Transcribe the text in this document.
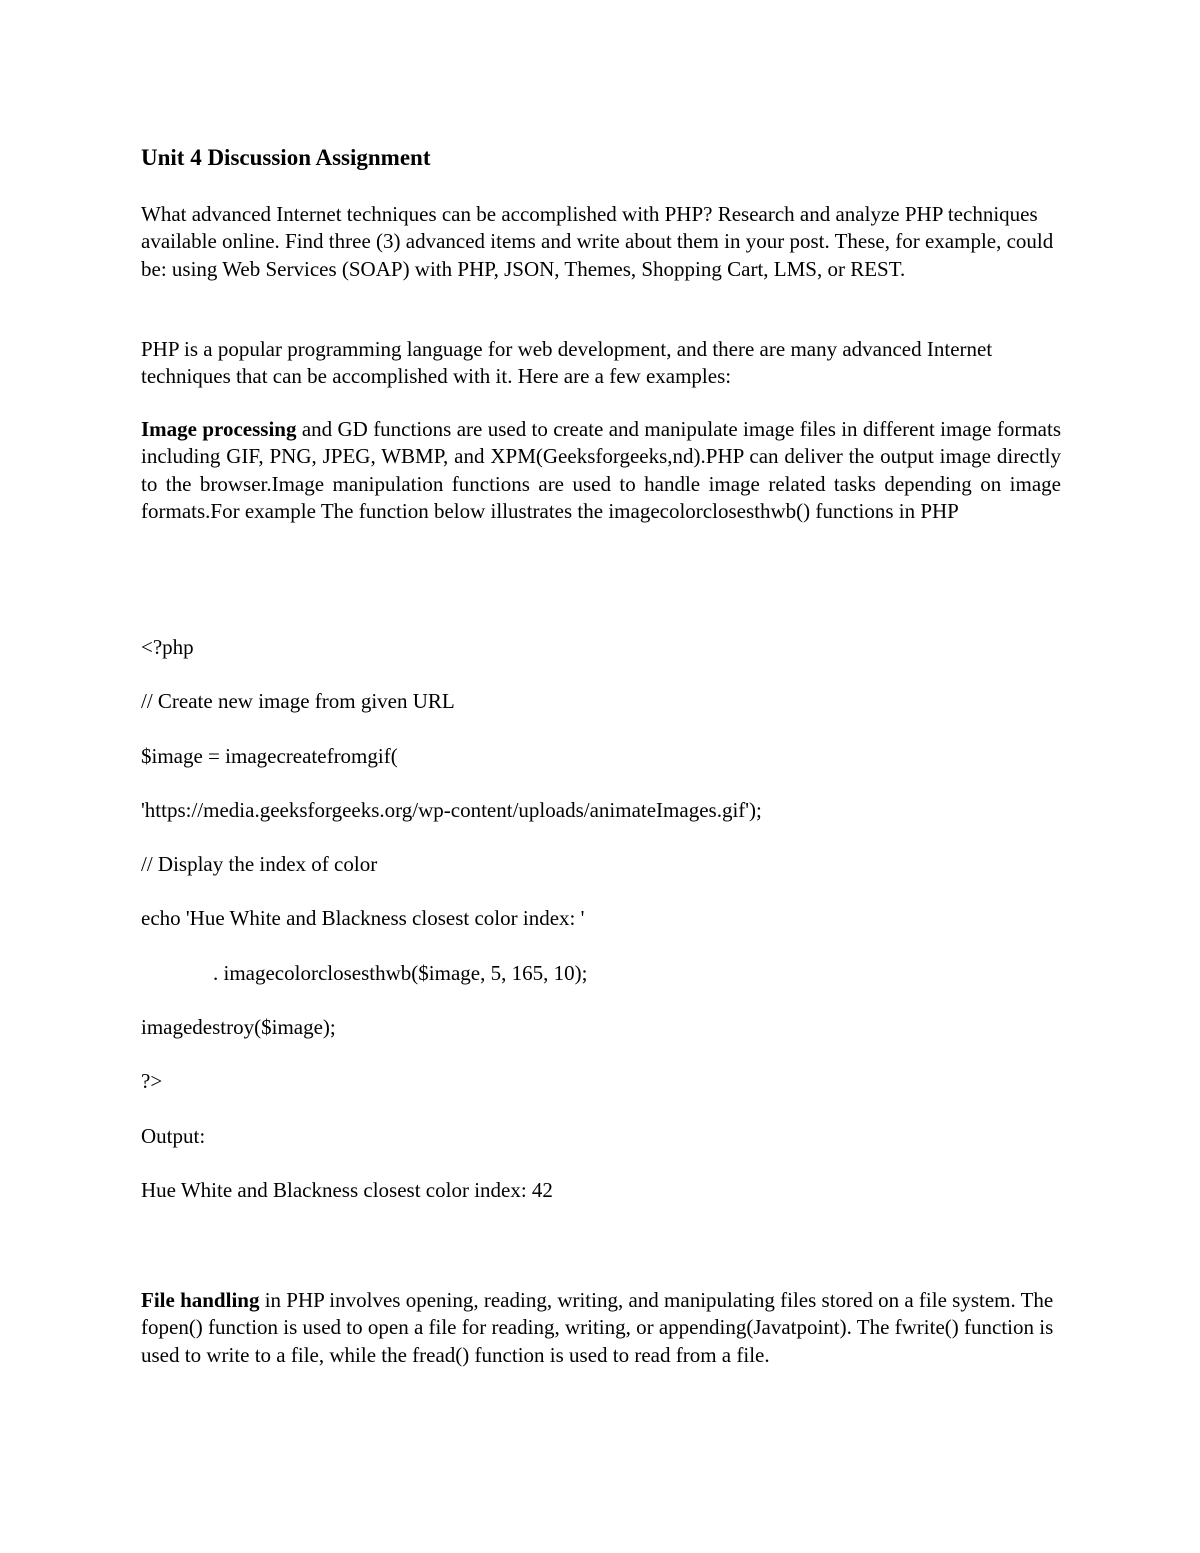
Unit 4 Discussion Assignment
What advanced Internet techniques can be accomplished with PHP? Research and analyze PHP techniques available online. Find three (3) advanced items and write about them in your post. These, for example, could be: using Web Services (SOAP) with PHP, JSON, Themes, Shopping Cart, LMS, or REST.
PHP is a popular programming language for web development, and there are many advanced Internet techniques that can be accomplished with it. Here are a few examples:
Image processing and GD functions are used to create and manipulate image files in different image formats including GIF, PNG, JPEG, WBMP, and XPM(Geeksforgeeks,nd).PHP can deliver the output image directly to the browser.Image manipulation functions are used to handle image related tasks depending on image formats.For example The function below illustrates the imagecolorclosesthwb() functions in PHP
<?php
// Create new image from given URL
$image = imagecreatefromgif(
'https://media.geeksforgeeks.org/wp-content/uploads/animateImages.gif');
// Display the index of color
echo 'Hue White and Blackness closest color index: '
. imagecolorclosesthwb($image, 5, 165, 10);
imagedestroy($image);
?>
Output:
Hue White and Blackness closest color index: 42
File handling in PHP involves opening, reading, writing, and manipulating files stored on a file system. The fopen() function is used to open a file for reading, writing, or appending(Javatpoint). The fwrite() function is used to write to a file, while the fread() function is used to read from a file.
